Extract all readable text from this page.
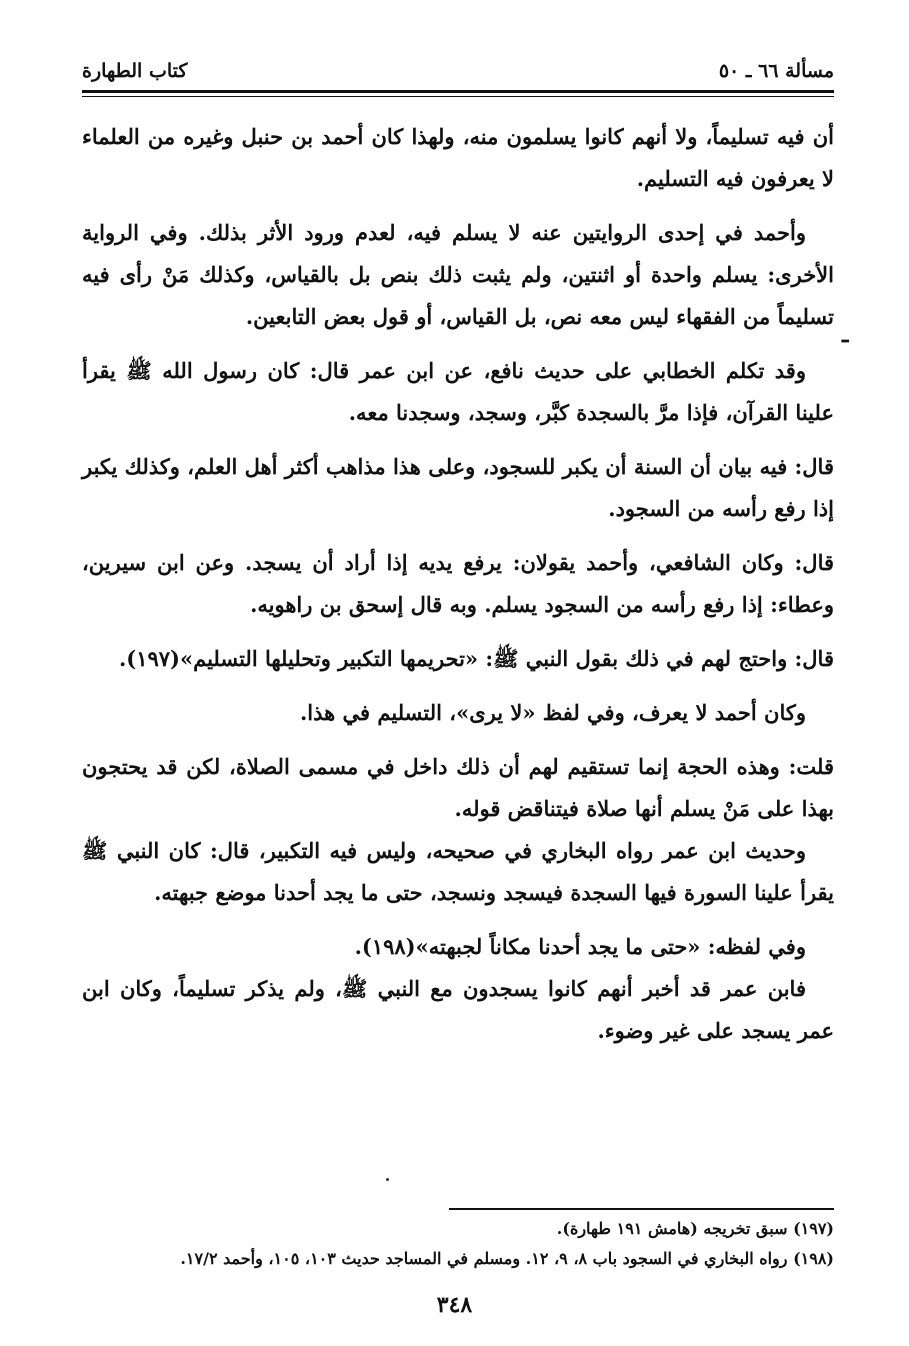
مسألة ٦٦ ـ ٥٠
كتاب الطهارة

أن فيه تسليماً، ولا أنهم كانوا يسلمون منه، ولهذا كان أحمد بن حنبل وغيره من العلماء لا يعرفون فيه التسليم.

وأحمد في إحدى الروايتين عنه لا يسلم فيه، لعدم ورود الأثر بذلك. وفي الرواية الأخرى: يسلم واحدة أو اثنتين، ولم يثبت ذلك بنص بل بالقياس، وكذلك مَنْ رأى فيه تسليماً من الفقهاء ليس معه نص، بل القياس، أو قول بعض التابعين.

وقد تكلم الخطابي على حديث نافع، عن ابن عمر قال: كان رسول الله ﷺ يقرأ علينا القرآن، فإذا مرَّ بالسجدة كبَّر، وسجد، وسجدنا معه.

قال: فيه بيان أن السنة أن يكبر للسجود، وعلى هذا مذاهب أكثر أهل العلم، وكذلك يكبر إذا رفع رأسه من السجود.

قال: وكان الشافعي، وأحمد يقولان: يرفع يديه إذا أراد أن يسجد. وعن ابن سيرين، وعطاء: إذا رفع رأسه من السجود يسلم. وبه قال إسحق بن راهويه.

قال: واحتج لهم في ذلك بقول النبي ﷺ: «تحريمها التكبير وتحليلها التسليم»(١٩٧).

وكان أحمد لا يعرف، وفي لفظ «لا يرى»، التسليم في هذا.

قلت: وهذه الحجة إنما تستقيم لهم أن ذلك داخل في مسمى الصلاة، لكن قد يحتجون بهذا على مَنْ يسلم أنها صلاة فيتناقض قوله.

وحديث ابن عمر رواه البخاري في صحيحه، وليس فيه التكبير، قال: كان النبي ﷺ يقرأ علينا السورة فيها السجدة فيسجد ونسجد، حتى ما يجد أحدنا موضع جبهته.

وفي لفظه: «حتى ما يجد أحدنا مكاناً لجبهته»(١٩٨).

فابن عمر قد أخبر أنهم كانوا يسجدون مع النبي ﷺ، ولم يذكر تسليماً، وكان ابن عمر يسجد على غير وضوء.

ـ
(١٩٧) سبق تخريجه (هامش ١٩١ طهارة).
(١٩٨) رواه البخاري في السجود باب ٨، ٩، ١٢. ومسلم في المساجد حديث ١٠٣، ١٠٥، وأحمد ١٧/٢.
٣٤٨
